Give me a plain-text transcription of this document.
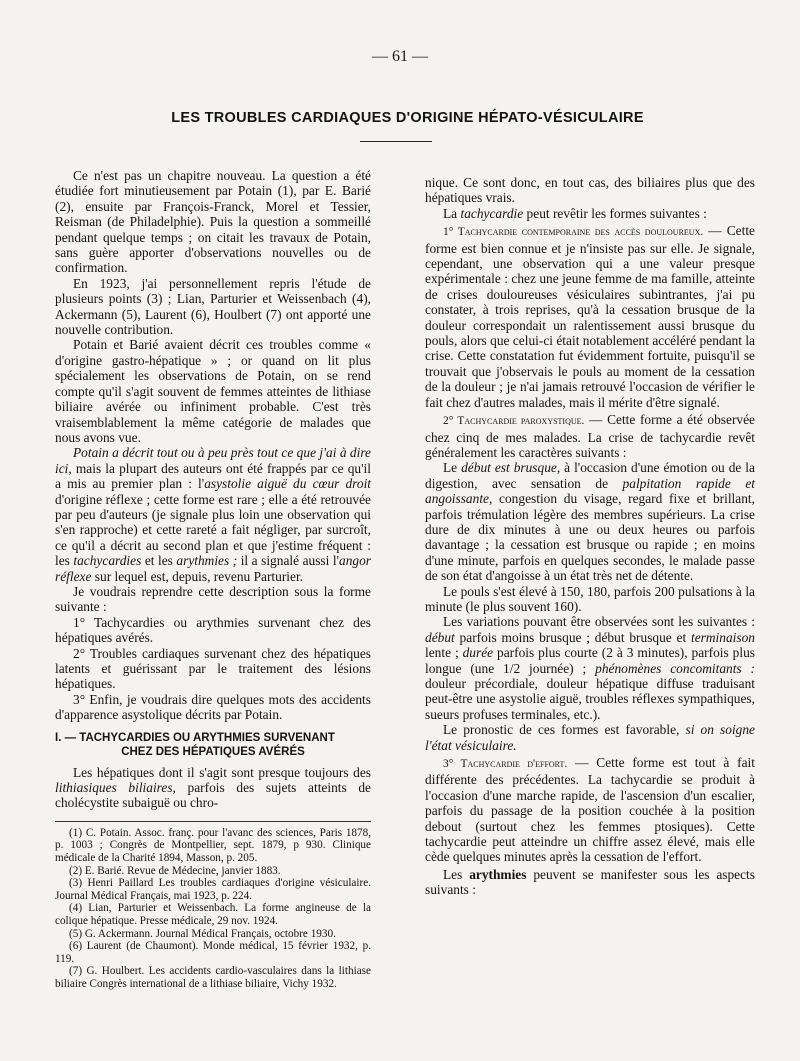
— 61 —
LES TROUBLES CARDIAQUES D'ORIGINE HÉPATO-VÉSICULAIRE

Ce n'est pas un chapitre nouveau. La question a été étudiée fort minutieusement par Potain (1), par E. Barié (2), ensuite par François-Franck, Morel et Tessier, Reisman (de Philadelphie). Puis la question a sommeillé pendant quelque temps ; on citait les travaux de Potain, sans guère apporter d'observations nouvelles ou de confirmation.

En 1923, j'ai personnellement repris l'étude de plusieurs points (3) ; Lian, Parturier et Weissenbach (4), Ackermann (5), Laurent (6), Houlbert (7) ont apporté une nouvelle contribution.

Potain et Barié avaient décrit ces troubles comme « d'origine gastro-hépatique » ; or quand on lit plus spécialement les observations de Potain, on se rend compte qu'il s'agit souvent de femmes atteintes de lithiase biliaire avérée ou infiniment probable. C'est très vraisemblablement la même catégorie de malades que nous avons vue.

Potain a décrit tout ou à peu près tout ce que j'ai à dire ici, mais la plupart des auteurs ont été frappés par ce qu'il a mis au premier plan : l'asystolie aiguë du cœur droit d'origine réflexe ; cette forme est rare ; elle a été retrouvée par peu d'auteurs (je signale plus loin une observation qui s'en rapproche) et cette rareté a fait négliger, par surcroît, ce qu'il a décrit au second plan et que j'estime fréquent : les tachycardies et les arythmies ; il a signalé aussi l'angor réflexe sur lequel est, depuis, revenu Parturier.

Je voudrais reprendre cette description sous la forme suivante :

1° Tachycardies ou arythmies survenant chez des hépatiques avérés.

2° Troubles cardiaques survenant chez des hépatiques latents et guérissant par le traitement des lésions hépatiques.

3° Enfin, je voudrais dire quelques mots des accidents d'apparence asystolique décrits par Potain.

I. — TACHYCARDIES OU ARYTHMIES SURVENANT
CHEZ DES HÉPATIQUES AVÉRÉS

Les hépatiques dont il s'agit sont presque toujours des lithiasiques biliaires, parfois des sujets atteints de cholécystite subaiguë ou chro-

(1) C. Potain. Assoc. franç. pour l'avanc des sciences, Paris 1878, p. 1003 ; Congrès de Montpellier, sept. 1879, p 930. Clinique médicale de la Charité 1894, Masson, p. 205.
(2) E. Barié. Revue de Médecine, janvier 1883.
(3) Henri Paillard Les troubles cardiaques d'origine vésiculaire. Journal Médical Français, mai 1923, p. 224.
(4) Lian, Parturier et Weissenbach. La forme angineuse de la colique hépatique. Presse médicale, 29 nov. 1924.
(5) G. Ackermann. Journal Médical Français, octobre 1930.
(6) Laurent (de Chaumont). Monde médical, 15 février 1932, p. 119.
(7) G. Houlbert. Les accidents cardio-vasculaires dans la lithiase biliaire Congrès international de a lithiase biliaire, Vichy 1932.

nique. Ce sont donc, en tout cas, des biliaires plus que des hépatiques vrais.

La tachycardie peut revêtir les formes suivantes :

1° Tachycardie contemporaine des accès douloureux. — Cette forme est bien connue et je n'insiste pas sur elle. Je signale, cependant, une observation qui a une valeur presque expérimentale : chez une jeune femme de ma famille, atteinte de crises douloureuses vésiculaires subintrantes, j'ai pu constater, à trois reprises, qu'à la cessation brusque de la douleur correspondait un ralentissement aussi brusque du pouls, alors que celui-ci était notablement accéléré pendant la crise. Cette constatation fut évidemment fortuite, puisqu'il se trouvait que j'observais le pouls au moment de la cessation de la douleur ; je n'ai jamais retrouvé l'occasion de vérifier le fait chez d'autres malades, mais il mérite d'être signalé.

2° Tachycardie paroxystique. — Cette forme a été observée chez cinq de mes malades. La crise de tachycardie revêt généralement les caractères suivants :

Le début est brusque, à l'occasion d'une émotion ou de la digestion, avec sensation de palpitation rapide et angoissante, congestion du visage, regard fixe et brillant, parfois trémulation légère des membres supérieurs. La crise dure de dix minutes à une ou deux heures ou parfois davantage ; la cessation est brusque ou rapide ; en moins d'une minute, parfois en quelques secondes, le malade passe de son état d'angoisse à un état très net de détente.

Le pouls s'est élevé à 150, 180, parfois 200 pulsations à la minute (le plus souvent 160).

Les variations pouvant être observées sont les suivantes : début parfois moins brusque ; début brusque et terminaison lente ; durée parfois plus courte (2 à 3 minutes), parfois plus longue (une 1/2 journée) ; phénomènes concomitants : douleur précordiale, douleur hépatique diffuse traduisant peut-être une asystolie aiguë, troubles réflexes sympathiques, sueurs profuses terminales, etc.).

Le pronostic de ces formes est favorable, si on soigne l'état vésiculaire.

3° Tachycardie d'effort. — Cette forme est tout à fait différente des précédentes. La tachycardie se produit à l'occasion d'une marche rapide, de l'ascension d'un escalier, parfois du passage de la position couchée à la position debout (surtout chez les femmes ptosiques). Cette tachycardie peut atteindre un chiffre assez élevé, mais elle cède quelques minutes après la cessation de l'effort.

Les arythmies peuvent se manifester sous les aspects suivants :
